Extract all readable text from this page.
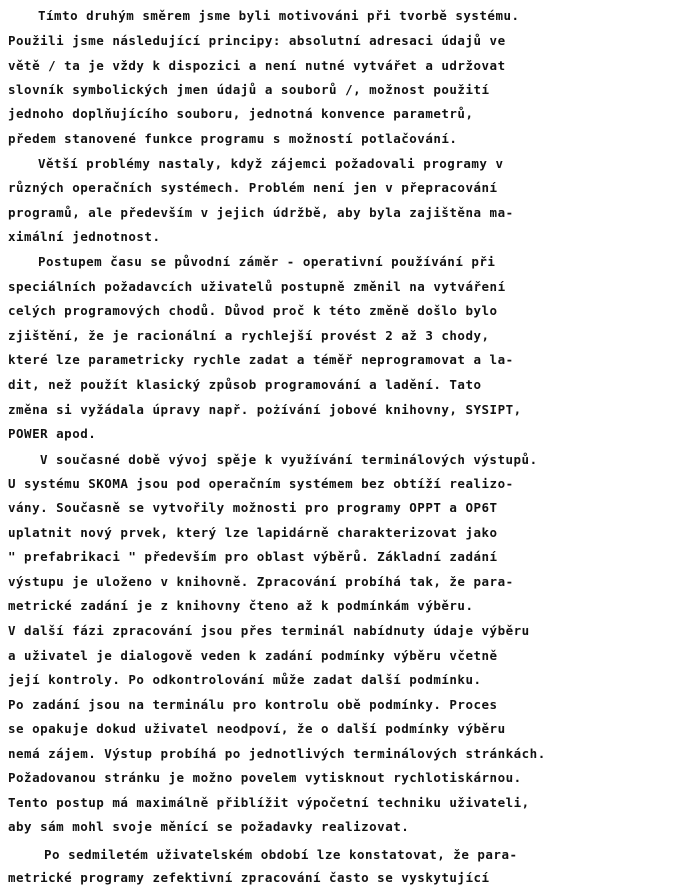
Tímto druhým směrem jsme byli motivováni při tvorbě systému.
Použili jsme následující principy: absolutní adresaci údajů ve
větě / ta je vždy k dispozici a není nutné vytvářet a udržovat
slovník symbolických jmen údajů a souborů /, možnost použití
jednoho doplňujícího souboru, jednotná konvence parametrů,
předem stanovené funkce programu s možností potlačování.
Větší problémy nastaly, když zájemci požadovali programy v
různých operačních systémech. Problém není jen v přepracování
programů, ale především v jejich údržbě, aby byla zajištěna ma-
ximální jednotnost.
Postupem času se původní záměr - operativní používání při
speciálních požadavcích uživatelů postupně změnil na vytváření
celých programových chodů. Důvod proč k této změně došlo bylo
zjištění, že je racionální a rychlejší provést 2 až 3 chody,
které lze parametricky rychle zadat a téměř neprogramovat a la-
dit, než použít klasický způsob programování a ladění. Tato
změna si vyžádala úpravy např. pożívání jobové knihovny, SYSIPT,
POWER apod.
V současné době vývoj spěje k využívání terminálových výstupů.
U systému SKOMA jsou pod operačním systémem bez obtíží realizo-
vány. Současně se vytvořily možnosti pro programy OPPT a OP6T
uplatnit nový prvek, který lze lapidárně charakterizovat jako
" prefabrikaci " především pro oblast výběrů. Základní zadání
výstupu je uloženo v knihovně. Zpracování probíhá tak, že para-
metrické zadání je z knihovny čteno až k podmínkám výběru.
V další fázi zpracování jsou přes terminál nabídnuty údaje výběru
a uživatel je dialogově veden k zadání podmínky výběru včetně
její kontroly. Po odkontrolování může zadat další podmínku.
Po zadání jsou na terminálu pro kontrolu obě podmínky. Proces
se opakuje dokud uživatel neodpoví, že o další podmínky výběru
nemá zájem. Výstup probíhá po jednotlivých terminálových stránkách.
Požadovanou stránku je možno povelem vytisknout rychlotiskárnou.
Tento postup má maximálně přiblížit výpočetní techniku uživateli,
aby sám mohl svoje měnící se požadavky realizovat.
Po sedmiletém uživatelském období lze konstatovat, že para-
metrické programy zefektivní zpracování často se vyskytující
